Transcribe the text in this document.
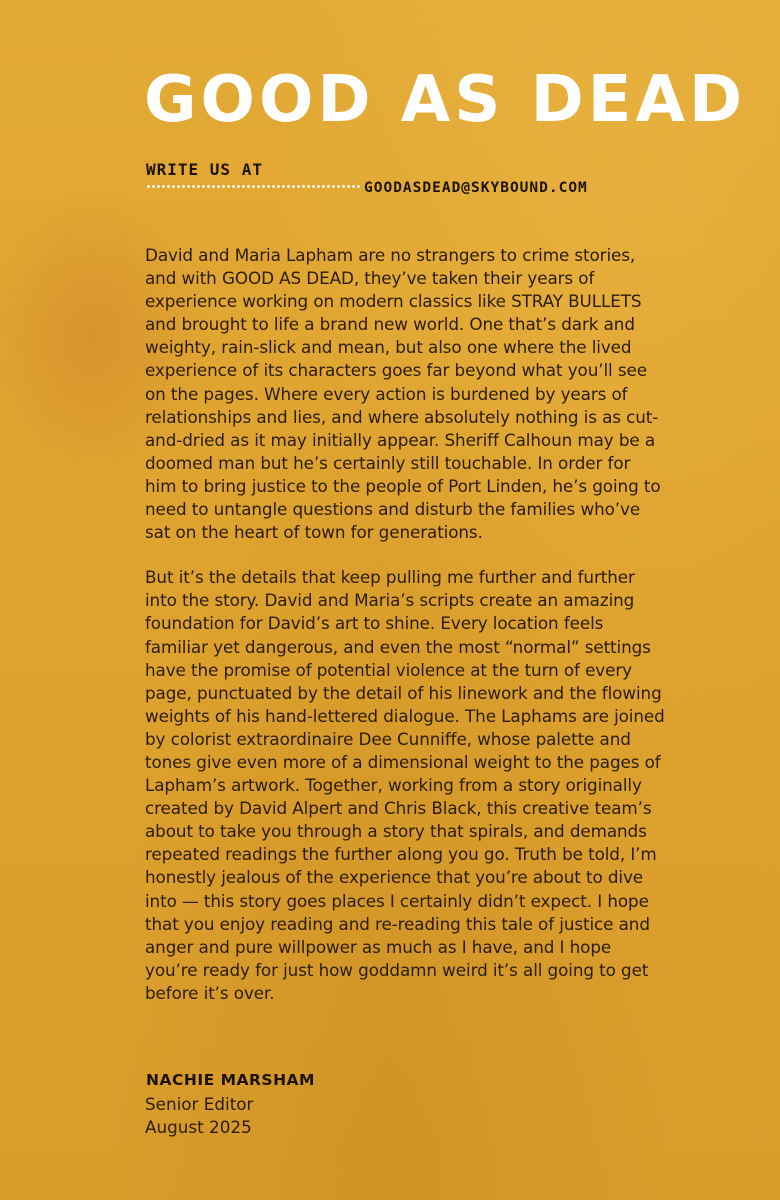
GOOD AS DEAD
WRITE US AT
GOODASDEAD@SKYBOUND.COM

David and Maria Lapham are no strangers to crime stories, and with GOOD AS DEAD, they’ve taken their years of experience working on modern classics like STRAY BULLETS and brought to life a brand new world. One that’s dark and weighty, rain-slick and mean, but also one where the lived experience of its characters goes far beyond what you’ll see on the pages. Where every action is burdened by years of relationships and lies, and where absolutely nothing is as cut-and-dried as it may initially appear. Sheriff Calhoun may be a doomed man but he’s certainly still touchable. In order for him to bring justice to the people of Port Linden, he’s going to need to untangle questions and disturb the families who’ve sat on the heart of town for generations.

But it’s the details that keep pulling me further and further into the story. David and Maria’s scripts create an amazing foundation for David’s art to shine. Every location feels familiar yet dangerous, and even the most “normal” settings have the promise of potential violence at the turn of every page, punctuated by the detail of his linework and the flowing weights of his hand-lettered dialogue. The Laphams are joined by colorist extraordinaire Dee Cunniffe, whose palette and tones give even more of a dimensional weight to the pages of Lapham’s artwork. Together, working from a story originally created by David Alpert and Chris Black, this creative team’s about to take you through a story that spirals, and demands repeated readings the further along you go. Truth be told, I’m honestly jealous of the experience that you’re about to dive into — this story goes places I certainly didn’t expect. I hope that you enjoy reading and re-reading this tale of justice and anger and pure willpower as much as I have, and I hope you’re ready for just how goddamn weird it’s all going to get before it’s over.

NACHIE MARSHAM
Senior Editor
August 2025
